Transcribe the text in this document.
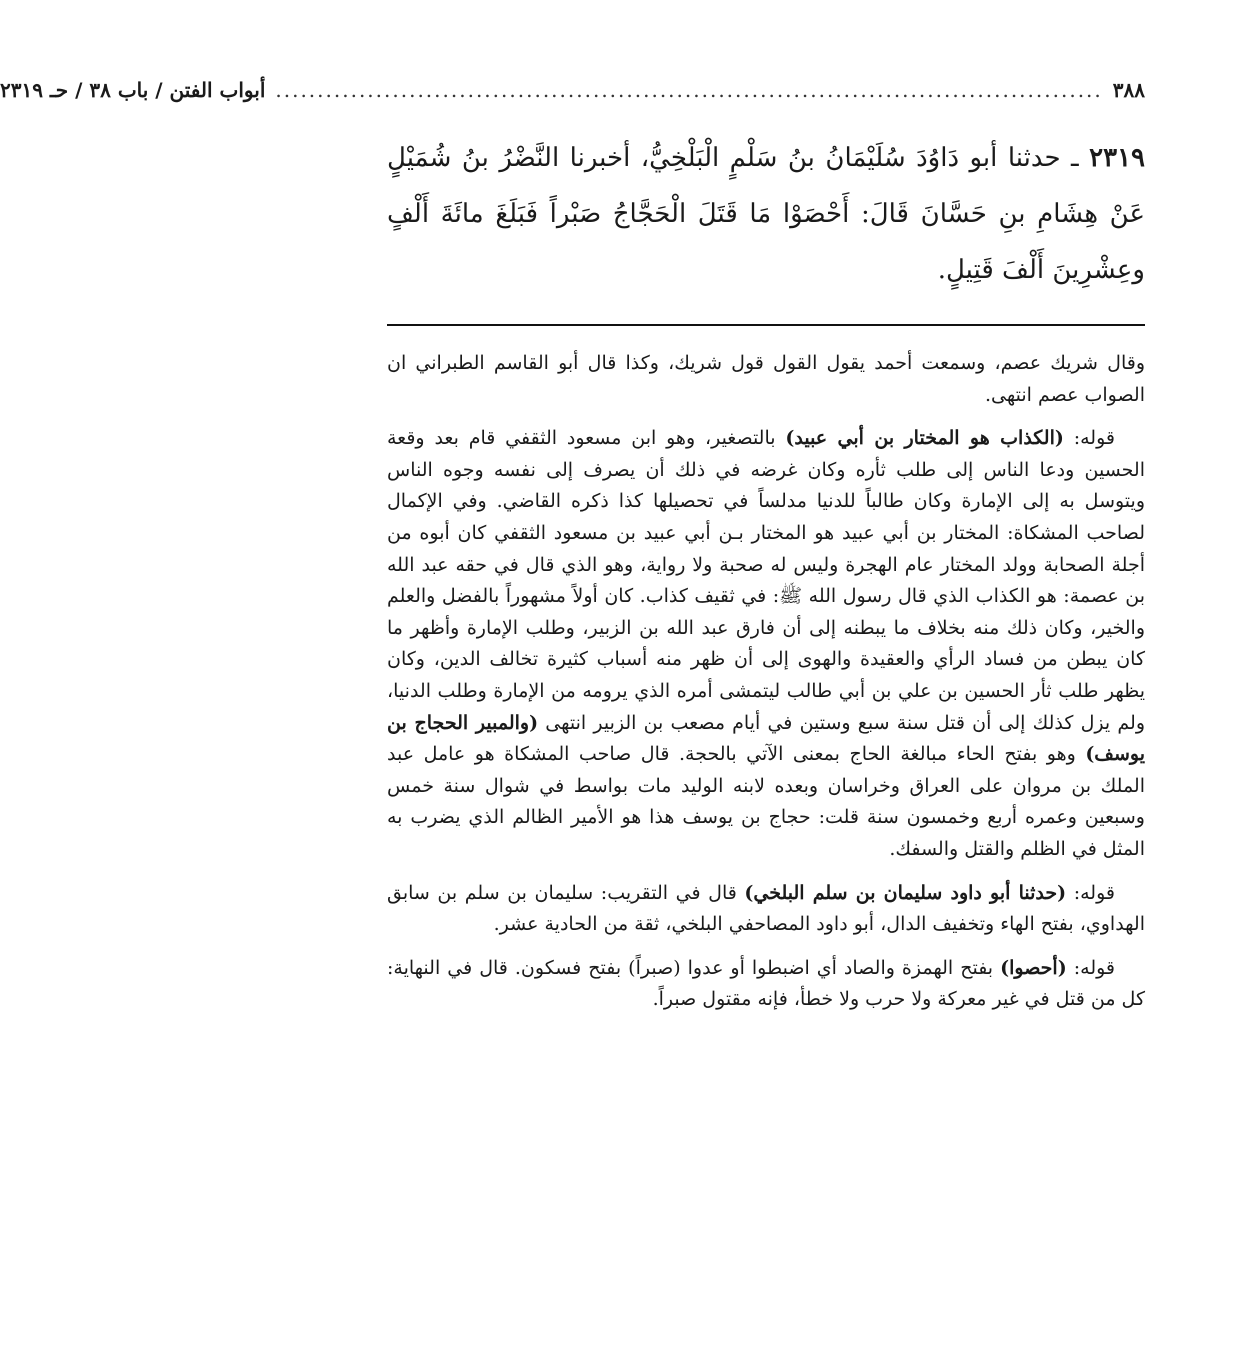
٣٨٨
...................................................................................................
أبواب الفتن / باب ٣٨ / حـ ٢٣١٩
٢٣١٩ ـ حدثنا أبو دَاوُدَ سُلَيْمَانُ بنُ سَلْمٍ الْبَلْخِيُّ، أخبرنا النَّضْرُ بنُ شُمَيْلٍ عَنْ هِشَامِ بنِ حَسَّانَ قَالَ: أَحْصَوْا مَا قَتَلَ الْحَجَّاجُ صَبْراً فَبَلَغَ مائَةَ أَلْفٍ وعِشْرِينَ أَلْفَ قَتِيلٍ.

وقال شريك عصم، وسمعت أحمد يقول القول قول شريك، وكذا قال أبو القاسم الطبراني ان الصواب عصم انتهى.

قوله: (الكذاب هو المختار بن أبي عبيد) بالتصغير، وهو ابن مسعود الثقفي قام بعد وقعة الحسين ودعا الناس إلى طلب ثأره وكان غرضه في ذلك أن يصرف إلى نفسه وجوه الناس ويتوسل به إلى الإمارة وكان طالباً للدنيا مدلساً في تحصيلها كذا ذكره القاضي. وفي الإكمال لصاحب المشكاة: المختار بن أبي عبيد هو المختار بـن أبي عبيد بن مسعود الثقفي كان أبوه من أجلة الصحابة وولد المختار عام الهجرة وليس له صحبة ولا رواية، وهو الذي قال في حقه عبد الله بن عصمة: هو الكذاب الذي قال رسول الله ﷺ: في ثقيف كذاب. كان أولاً مشهوراً بالفضل والعلم والخير، وكان ذلك منه بخلاف ما يبطنه إلى أن فارق عبد الله بن الزبير، وطلب الإمارة وأظهر ما كان يبطن من فساد الرأي والعقيدة والهوى إلى أن ظهر منه أسباب كثيرة تخالف الدين، وكان يظهر طلب ثأر الحسين بن علي بن أبي طالب ليتمشى أمره الذي يرومه من الإمارة وطلب الدنيا، ولم يزل كذلك إلى أن قتل سنة سبع وستين في أيام مصعب بن الزبير انتهى (والمبير الحجاج بن يوسف) وهو بفتح الحاء مبالغة الحاج بمعنى الآتي بالحجة. قال صاحب المشكاة هو عامل عبد الملك بن مروان على العراق وخراسان وبعده لابنه الوليد مات بواسط في شوال سنة خمس وسبعين وعمره أربع وخمسون سنة قلت: حجاج بن يوسف هذا هو الأمير الظالم الذي يضرب به المثل في الظلم والقتل والسفك.

قوله: (حدثنا أبو داود سليمان بن سلم البلخي) قال في التقريب: سليمان بن سلم بن سابق الهداوي، بفتح الهاء وتخفيف الدال، أبو داود المصاحفي البلخي، ثقة من الحادية عشر.

قوله: (أحصوا) بفتح الهمزة والصاد أي اضبطوا أو عدوا (صبراً) بفتح فسكون. قال في النهاية: كل من قتل في غير معركة ولا حرب ولا خطأ، فإنه مقتول صبراً.
